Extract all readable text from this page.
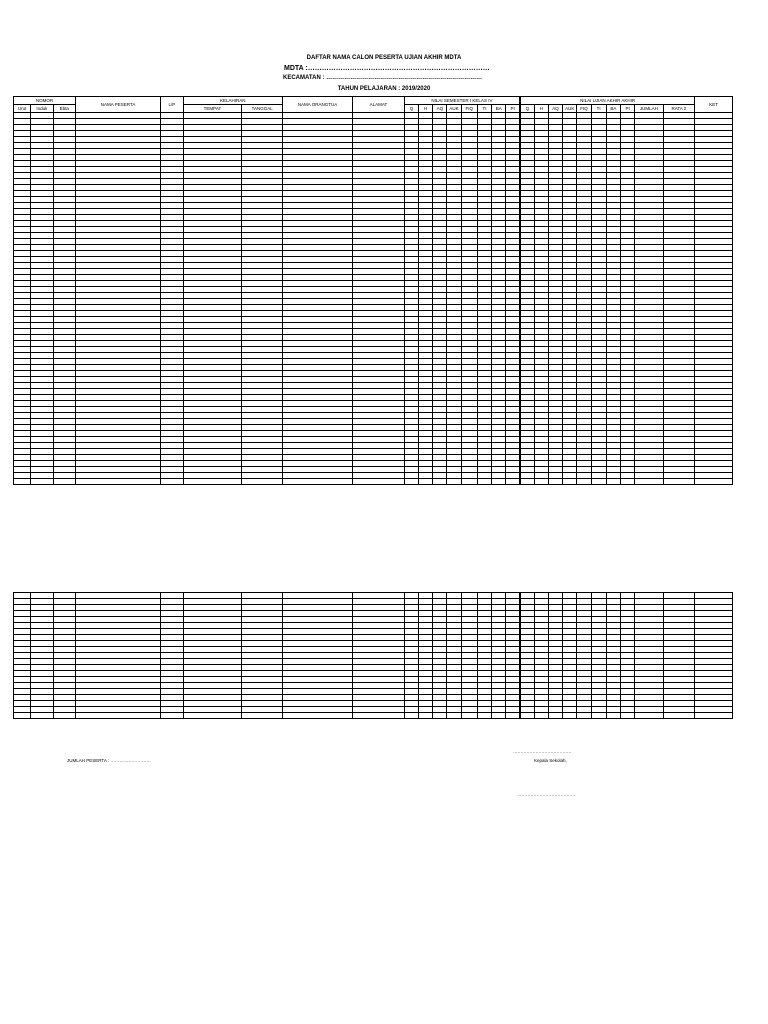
DAFTAR NAMA CALON PESERTA UJIAN AKHIR MDTA
MDTA :……………………………………………………………………
KECAMATAN : ……………………………………………………………………
TAHUN PELAJARAN : 2019/2020
NOMOR			NAMA PESERTA	L/P	KELAHIRAN		NAMA ORANGTUA	ALAMAT	NILAI SEMESTER I KELAS IV								NILAI UJIAN AKHIR AKHIR										KET
Urut	Induk	Ebta			TEMPAT	TANGGAL			Q	H	AQ	AUK	FIQ	TI	BA	PI	Q	H	AQ	AUK	FIQ	TI	BA	PI	JUMLAH	RATA 2	

JUMLAH PESERTA : ………………………
…………………………………
Kepala Sekolah,
…………………………………
